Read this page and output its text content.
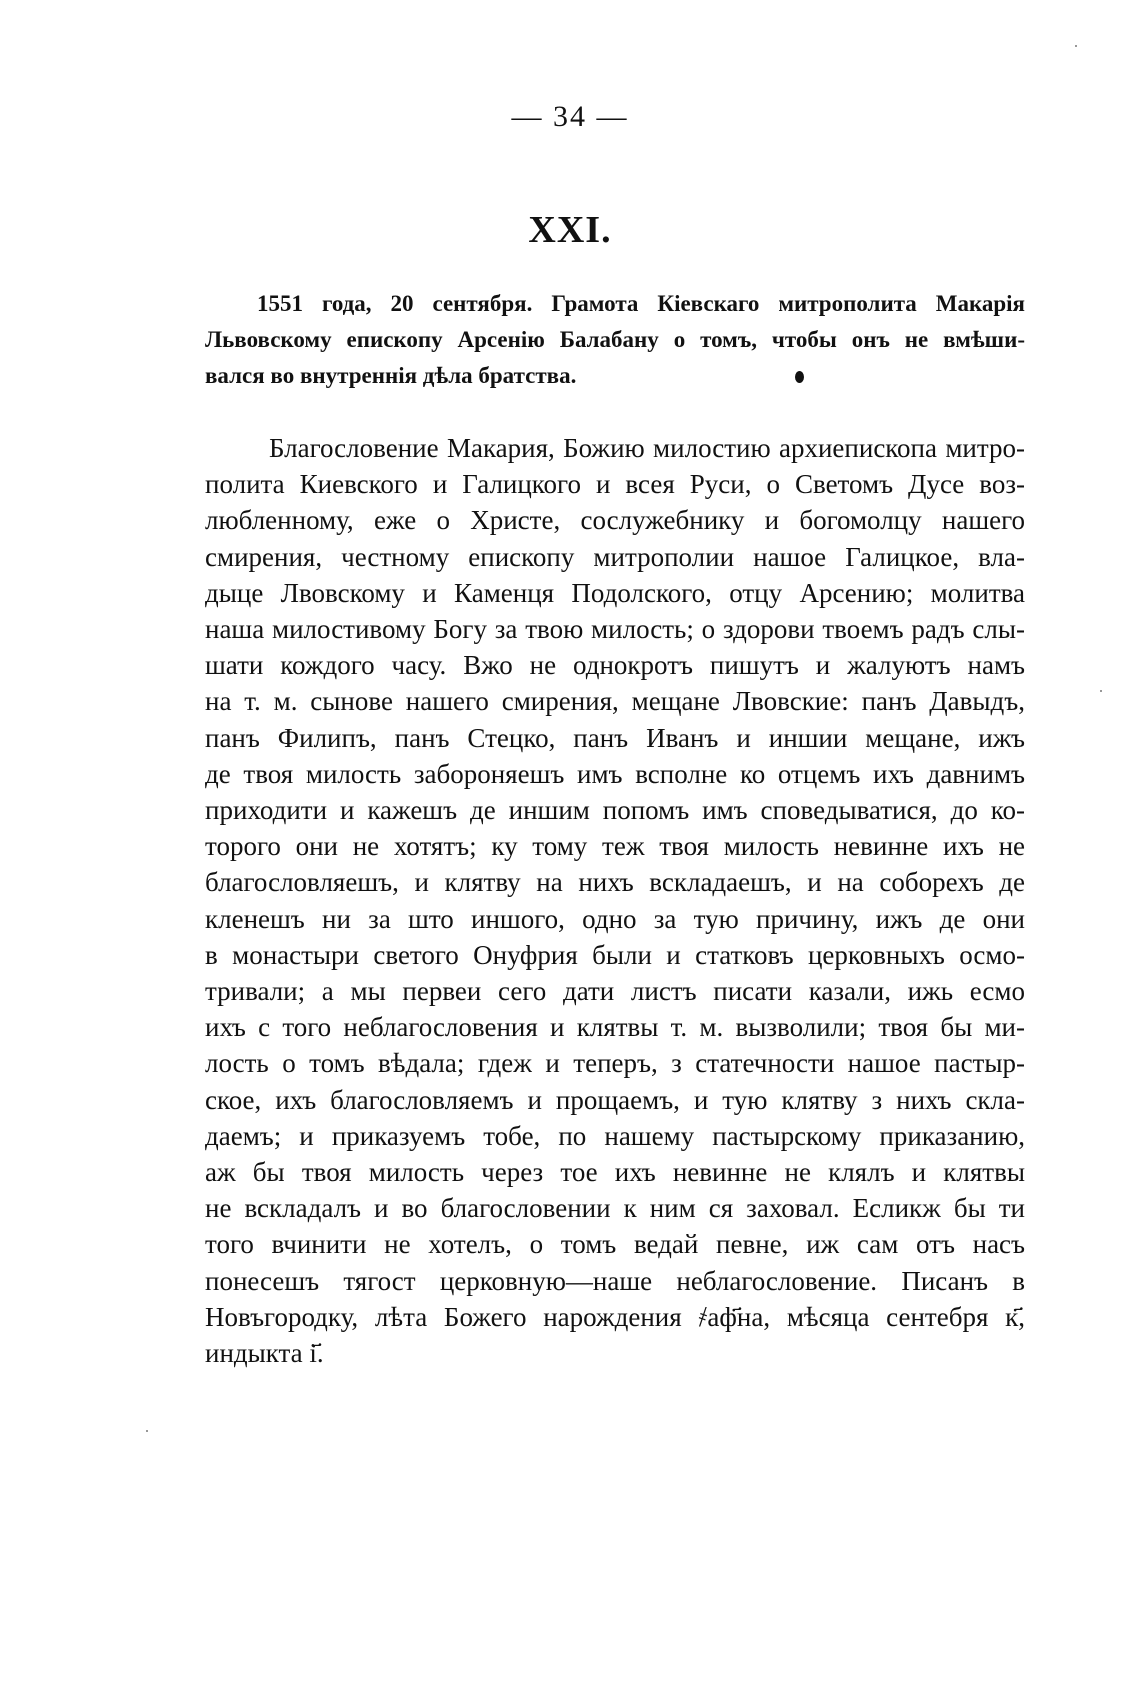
— 34 —
XXI.
1551 года, 20 сентября. Грамота Кіевскаго митрополита Макарія
Львовскому епископу Арсенію Балабану о томъ, чтобы онъ не вмѣши-
вался во внутреннія дѣла братства.
Благословение Макария, Божию милостию архиепископа митро-
полита Киевского и Галицкого и всея Руси, о Светомъ Дусе воз-
любленному, еже о Христе, сослужебнику и богомолцу нашего
смирения, честному епископу митрополии нашое Галицкое, вла-
дыце Лвовскому и Каменця Подолского, отцу Арсению; молитва
наша милостивому Богу за твою милость; о здорови твоемъ радъ слы-
шати кождого часу. Вжо не однокротъ пишутъ и жалуютъ намъ
на т. м. сынове нашего смирения, мещане Лвовские: панъ Давыдъ,
панъ Филипъ, панъ Стецко, панъ Иванъ и иншии мещане, ижъ
де твоя милость забороняешъ имъ всполне ко отцемъ ихъ давнимъ
приходити и кажешъ де иншим попомъ имъ споведыватися, до ко-
торого они не хотятъ; ку тому теж твоя милость невинне ихъ не
благословляешъ, и клятву на нихъ вскладаешъ, и на соборехъ де
кленешъ ни за што иншого, одно за тую причину, ижъ де они
в монастыри светого Онуфрия были и статковъ церковныхъ осмо-
тривали; а мы первеи сего дати листъ писати казали, ижь есмо
ихъ с того неблагословения и клятвы т. м. вызволили; твоя бы ми-
лость о томъ вѣдала; гдеж и теперъ, з статечности нашое пастыр-
ское, ихъ благословляемъ и прощаемъ, и тую клятву з нихъ скла-
даемъ; и приказуемъ тобе, по нашему пастырскому приказанию,
аж бы твоя милость через тое ихъ невинне не клялъ и клятвы
не вскладалъ и во благословении к ним ся заховал. Есликж бы ти
того вчинити не хотелъ, о томъ ведай певне, иж сам отъ насъ
понесешъ тягост церковную—наше неблагословение. Писанъ в
Новъгородку, лѣта Божего нарождения ҂аф҃на, мѣсяца сентебря к҃,
индыкта і҃.
